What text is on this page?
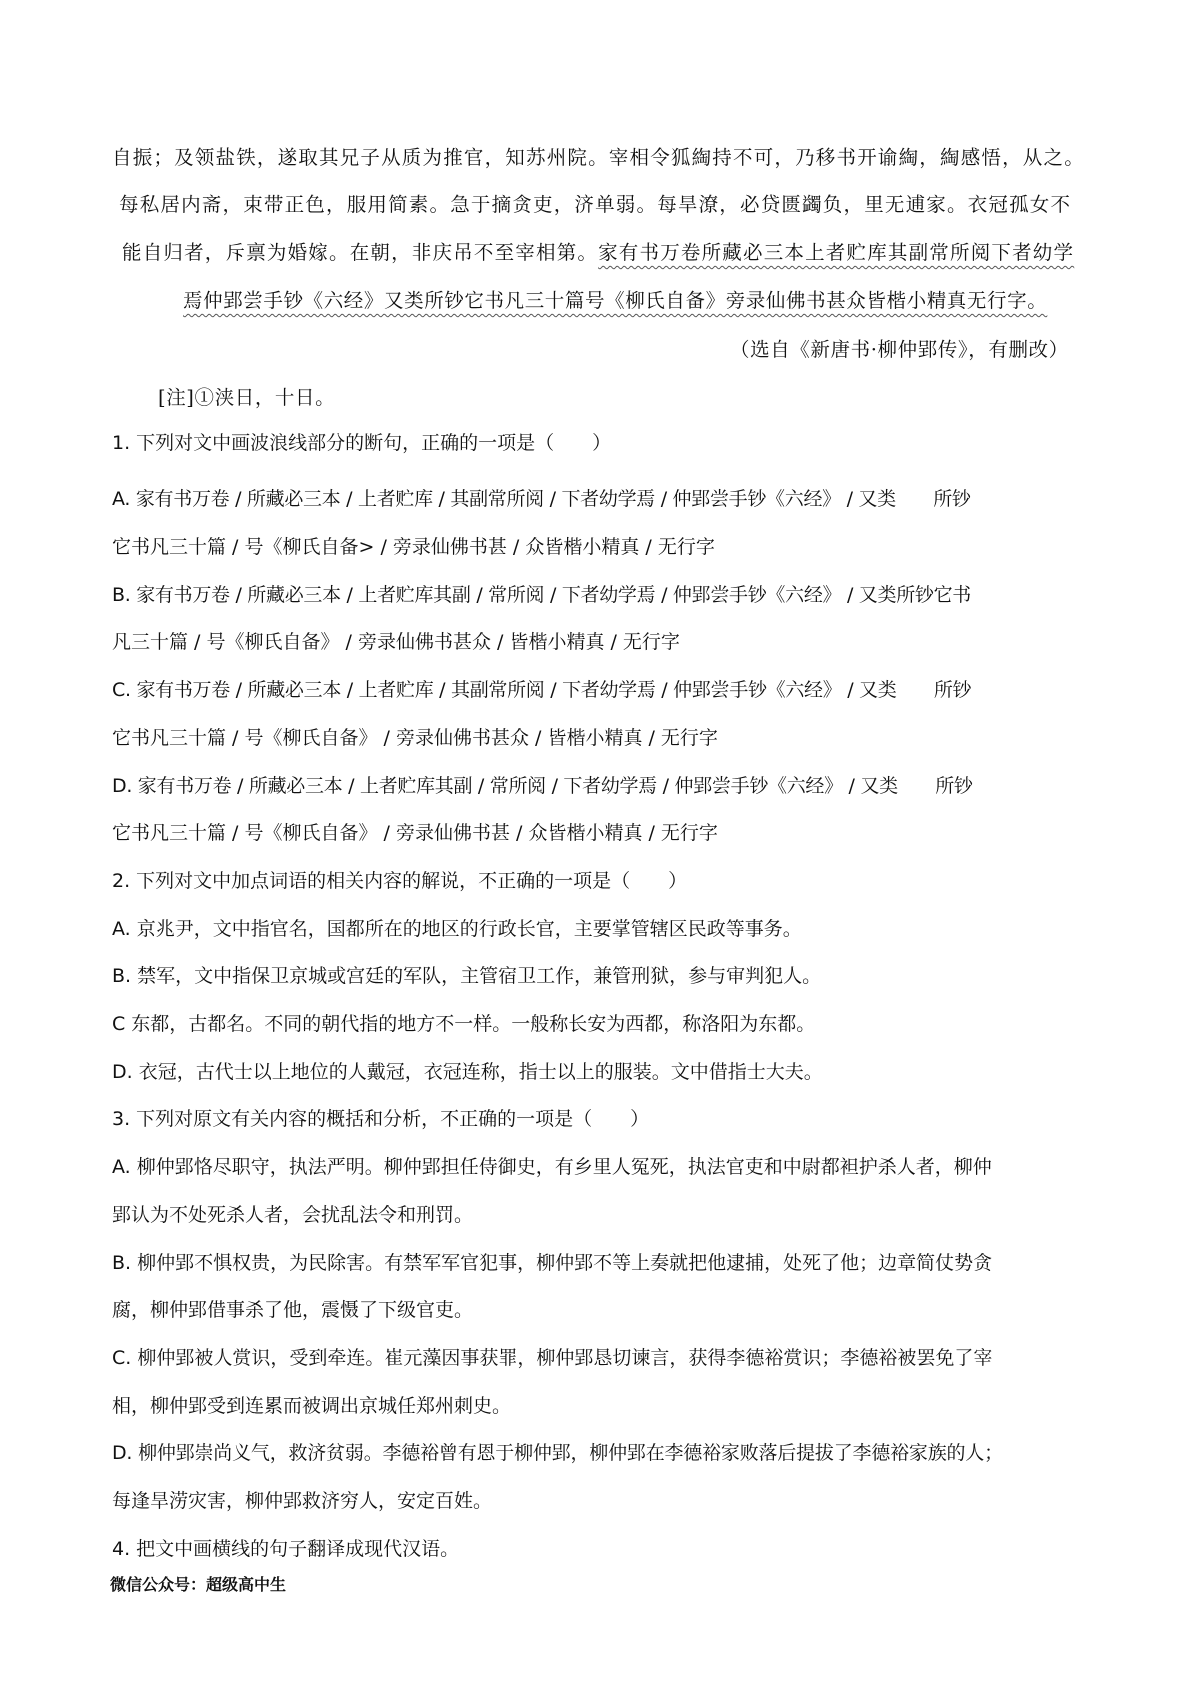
自振；及领盐铁，遂取其兄子从质为推官，知苏州院。宰相令狐綯持不可，乃移书开谕綯，綯感悟，从之。
每私居内斋，束带正色，服用简素。急于摘贪吏，济单弱。每旱潦，必贷匮蠲负，里无逋家。衣冠孤女不
能自归者，斥禀为婚嫁。在朝，非庆吊不至宰相第。家有书万卷所藏必三本上者贮库其副常所阅下者幼学
焉仲郢尝手钞《六经》又类所钞它书凡三十篇号《柳氏自备》旁录仙佛书甚众皆楷小精真无行字。
（选自《新唐书·柳仲郢传》，有删改）
[注]①浃日，十日。
1. 下列对文中画波浪线部分的断句，正确的一项是（　　）
A. 家有书万卷 / 所藏必三本 / 上者贮库 / 其副常所阅 / 下者幼学焉 / 仲郢尝手钞《六经》 / 又类　　所钞
它书凡三十篇 / 号《柳氏自备> / 旁录仙佛书甚 / 众皆楷小精真 / 无行字
B. 家有书万卷 / 所藏必三本 / 上者贮库其副 / 常所阅 / 下者幼学焉 / 仲郢尝手钞《六经》 / 又类所钞它书
凡三十篇 / 号《柳氏自备》 / 旁录仙佛书甚众 / 皆楷小精真 / 无行字
C. 家有书万卷 / 所藏必三本 / 上者贮库 / 其副常所阅 / 下者幼学焉 / 仲郢尝手钞《六经》 / 又类　　所钞
它书凡三十篇 / 号《柳氏自备》 / 旁录仙佛书甚众 / 皆楷小精真 / 无行字
D. 家有书万卷 / 所藏必三本 / 上者贮库其副 / 常所阅 / 下者幼学焉 / 仲郢尝手钞《六经》 / 又类　　所钞
它书凡三十篇 / 号《柳氏自备》 / 旁录仙佛书甚 / 众皆楷小精真 / 无行字
2. 下列对文中加点词语的相关内容的解说，不正确的一项是（　　）
A. 京兆尹，文中指官名，国都所在的地区的行政长官，主要掌管辖区民政等事务。
B. 禁军，文中指保卫京城或宫廷的军队，主管宿卫工作，兼管刑狱，参与审判犯人。
C 东都，古都名。不同的朝代指的地方不一样。一般称长安为西都，称洛阳为东都。
D. 衣冠，古代士以上地位的人戴冠，衣冠连称，指士以上的服装。文中借指士大夫。
3. 下列对原文有关内容的概括和分析，不正确的一项是（　　）
A. 柳仲郢恪尽职守，执法严明。柳仲郢担任侍御史，有乡里人冤死，执法官吏和中尉都袒护杀人者，柳仲
郢认为不处死杀人者，会扰乱法令和刑罚。
B. 柳仲郢不惧权贵，为民除害。有禁军军官犯事，柳仲郢不等上奏就把他逮捕，处死了他；边章简仗势贪
腐，柳仲郢借事杀了他，震慑了下级官吏。
C. 柳仲郢被人赏识，受到牵连。崔元藻因事获罪，柳仲郢恳切谏言，获得李德裕赏识；李德裕被罢免了宰
相，柳仲郢受到连累而被调出京城任郑州刺史。
D. 柳仲郢崇尚义气，救济贫弱。李德裕曾有恩于柳仲郢，柳仲郢在李德裕家败落后提拔了李德裕家族的人；
每逢旱涝灾害，柳仲郢救济穷人，安定百姓。
4. 把文中画横线的句子翻译成现代汉语。
微信公众号：超级高中生
